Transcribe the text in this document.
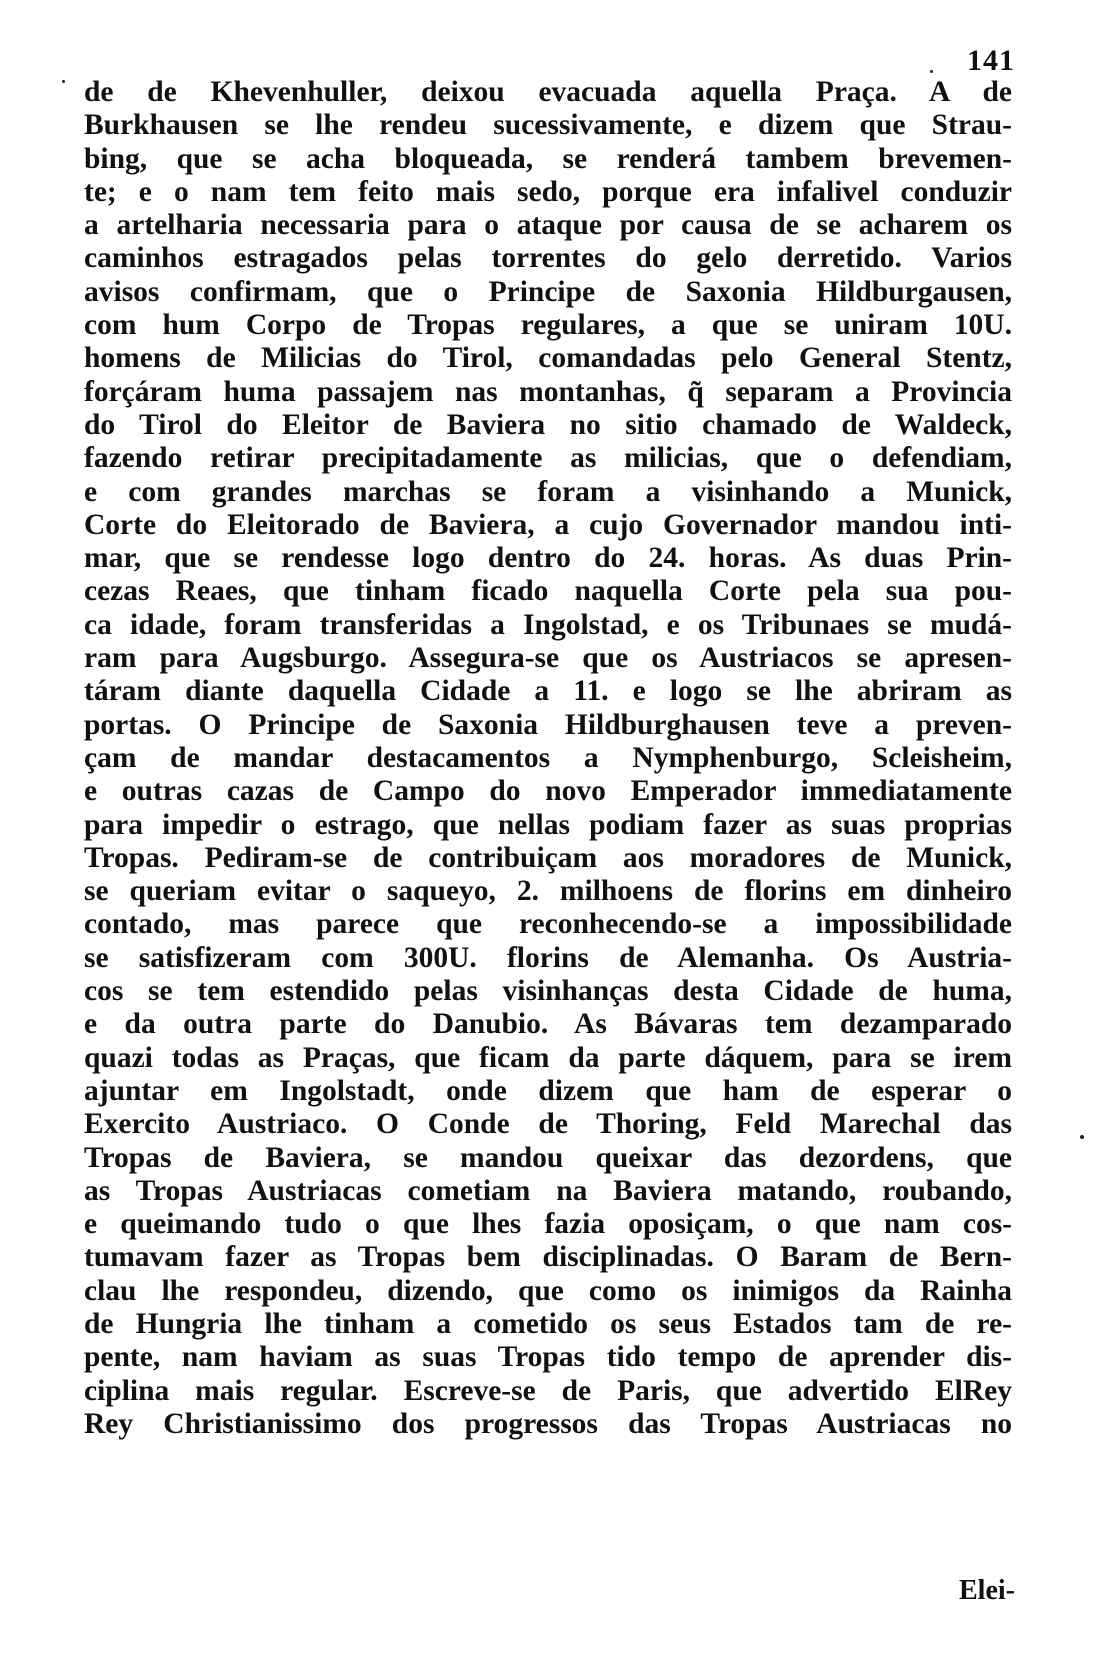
141
de de Khevenhuller, deixou evacuada aquella Praça. A de
Burkhausen se lhe rendeu sucessivamente, e dizem que Strau-
bing, que se acha bloqueada, se renderá tambem brevemen-
te; e o nam tem feito mais sedo, porque era infalivel conduzir
a artelharia necessaria para o ataque por causa de se acharem os
caminhos estragados pelas torrentes do gelo derretido. Varios
avisos confirmam, que o Principe de Saxonia Hildburgausen,
com hum Corpo de Tropas regulares, a que se uniram 10U.
homens de Milicias do Tirol, comandadas pelo General Stentz,
forçáram huma passajem nas montanhas, q̃ separam a Provincia
do Tirol do Eleitor de Baviera no sitio chamado de Waldeck,
fazendo retirar precipitadamente as milicias, que o defendiam,
e com grandes marchas se foram a visinhando a Munick,
Corte do Eleitorado de Baviera, a cujo Governador mandou inti-
mar, que se rendesse logo dentro do 24. horas. As duas Prin-
cezas Reaes, que tinham ficado naquella Corte pela sua pou-
ca idade, foram transferidas a Ingolstad, e os Tribunaes se mudá-
ram para Augsburgo. Assegura-se que os Austriacos se apresen-
táram diante daquella Cidade a 11. e logo se lhe abriram as
portas. O Principe de Saxonia Hildburghausen teve a preven-
çam de mandar destacamentos a Nymphenburgo, Scleisheim,
e outras cazas de Campo do novo Emperador immediatamente
para impedir o estrago, que nellas podiam fazer as suas proprias
Tropas. Pediram-se de contribuiçam aos moradores de Munick,
se queriam evitar o saqueyo, 2. milhoens de florins em dinheiro
contado, mas parece que reconhecendo-se a impossibilidade
se satisfizeram com 300U. florins de Alemanha. Os Austria-
cos se tem estendido pelas visinhanças desta Cidade de huma,
e da outra parte do Danubio. As Bávaras tem dezamparado
quazi todas as Praças, que ficam da parte dáquem, para se irem
ajuntar em Ingolstadt, onde dizem que ham de esperar o
Exercito Austriaco. O Conde de Thoring, Feld Marechal das
Tropas de Baviera, se mandou queixar das dezordens, que
as Tropas Austriacas cometiam na Baviera matando, roubando,
e queimando tudo o que lhes fazia oposiçam, o que nam cos-
tumavam fazer as Tropas bem disciplinadas. O Baram de Bern-
clau lhe respondeu, dizendo, que como os inimigos da Rainha
de Hungria lhe tinham a cometido os seus Estados tam de re-
pente, nam haviam as suas Tropas tido tempo de aprender dis-
ciplina mais regular. Escreve-se de Paris, que advertido ElRey
Rey Christianissimo dos progressos das Tropas Austriacas no
Elei-
